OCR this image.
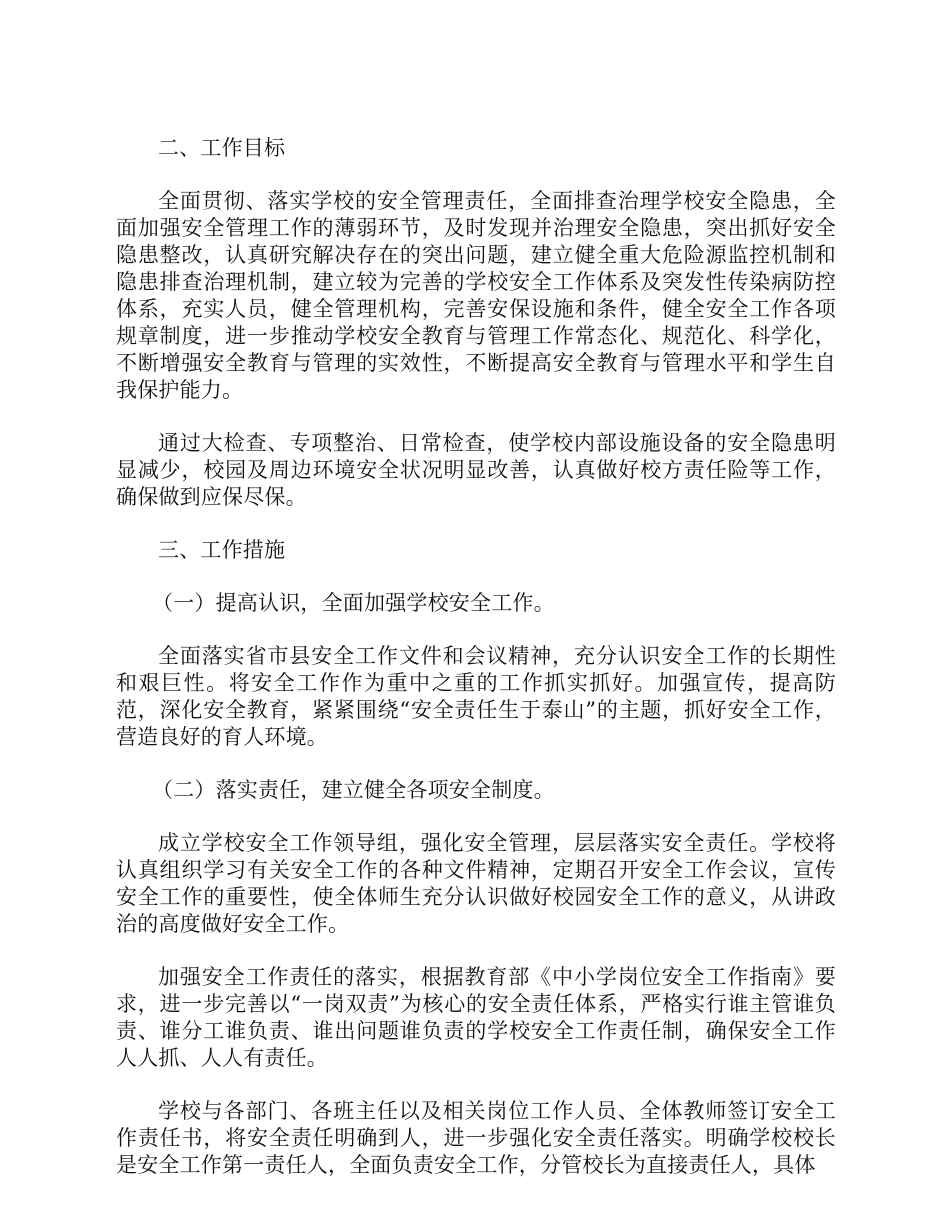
二、工作目标

全面贯彻、落实学校的安全管理责任，全面排查治理学校安全隐患，全面加强安全管理工作的薄弱环节，及时发现并治理安全隐患，突出抓好安全隐患整改，认真研究解决存在的突出问题，建立健全重大危险源监控机制和隐患排查治理机制，建立较为完善的学校安全工作体系及突发性传染病防控体系，充实人员，健全管理机构，完善安保设施和条件，健全安全工作各项规章制度，进一步推动学校安全教育与管理工作常态化、规范化、科学化，不断增强安全教育与管理的实效性，不断提高安全教育与管理水平和学生自我保护能力。

通过大检查、专项整治、日常检查，使学校内部设施设备的安全隐患明显减少，校园及周边环境安全状况明显改善，认真做好校方责任险等工作，确保做到应保尽保。

三、工作措施

（一）提高认识，全面加强学校安全工作。

全面落实省市县安全工作文件和会议精神，充分认识安全工作的长期性和艰巨性。将安全工作作为重中之重的工作抓实抓好。加强宣传，提高防范，深化安全教育，紧紧围绕“安全责任生于泰山”的主题，抓好安全工作，营造良好的育人环境。

（二）落实责任，建立健全各项安全制度。

成立学校安全工作领导组，强化安全管理，层层落实安全责任。学校将认真组织学习有关安全工作的各种文件精神，定期召开安全工作会议，宣传安全工作的重要性，使全体师生充分认识做好校园安全工作的意义，从讲政治的高度做好安全工作。

加强安全工作责任的落实，根据教育部《中小学岗位安全工作指南》要求，进一步完善以“一岗双责”为核心的安全责任体系，严格实行谁主管谁负责、谁分工谁负责、谁出问题谁负责的学校安全工作责任制，确保安全工作人人抓、人人有责任。

学校与各部门、各班主任以及相关岗位工作人员、全体教师签订安全工作责任书，将安全责任明确到人，进一步强化安全责任落实。明确学校校长是安全工作第一责任人，全面负责安全工作，分管校长为直接责任人，具体
